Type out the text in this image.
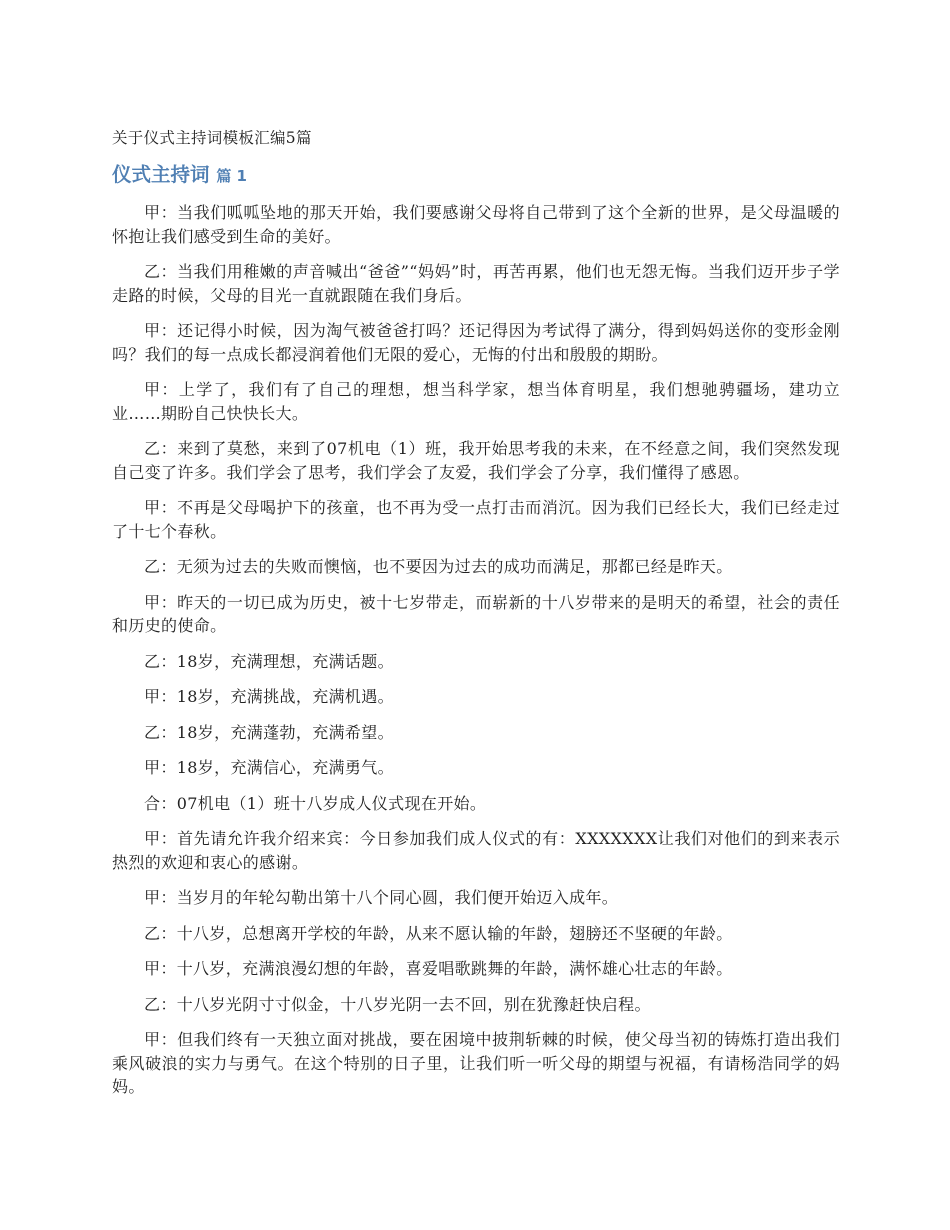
关于仪式主持词模板汇编5篇
仪式主持词 篇 1

甲：当我们呱呱坠地的那天开始，我们要感谢父母将自己带到了这个全新的世界，是父母温暖的怀抱让我们感受到生命的美好。

乙：当我们用稚嫩的声音喊出“爸爸”“妈妈”时，再苦再累，他们也无怨无悔。当我们迈开步子学走路的时候，父母的目光一直就跟随在我们身后。

甲：还记得小时候，因为淘气被爸爸打吗？还记得因为考试得了满分，得到妈妈送你的变形金刚吗？我们的每一点成长都浸润着他们无限的爱心，无悔的付出和殷殷的期盼。

甲：上学了，我们有了自己的理想，想当科学家，想当体育明星，我们想驰骋疆场，建功立业……期盼自己快快长大。

乙：来到了莫愁，来到了07机电（1）班，我开始思考我的未来，在不经意之间，我们突然发现自己变了许多。我们学会了思考，我们学会了友爱，我们学会了分享，我们懂得了感恩。

甲：不再是父母喝护下的孩童，也不再为受一点打击而消沉。因为我们已经长大，我们已经走过了十七个春秋。

乙：无须为过去的失败而懊恼，也不要因为过去的成功而满足，那都已经是昨天。

甲：昨天的一切已成为历史，被十七岁带走，而崭新的十八岁带来的是明天的希望，社会的责任和历史的使命。

乙：18岁，充满理想，充满话题。

甲：18岁，充满挑战，充满机遇。

乙：18岁，充满蓬勃，充满希望。

甲：18岁，充满信心，充满勇气。

合：07机电（1）班十八岁成人仪式现在开始。

甲：首先请允许我介绍来宾：今日参加我们成人仪式的有：XXXXXXX让我们对他们的到来表示热烈的欢迎和衷心的感谢。

甲：当岁月的年轮勾勒出第十八个同心圆，我们便开始迈入成年。

乙：十八岁，总想离开学校的年龄，从来不愿认输的年龄，翅膀还不坚硬的年龄。

甲：十八岁，充满浪漫幻想的年龄，喜爱唱歌跳舞的年龄，满怀雄心壮志的年龄。

乙：十八岁光阴寸寸似金，十八岁光阴一去不回，别在犹豫赶快启程。

甲：但我们终有一天独立面对挑战，要在困境中披荆斩棘的时候，使父母当初的铸炼打造出我们乘风破浪的实力与勇气。在这个特别的日子里，让我们听一听父母的期望与祝福，有请杨浩同学的妈妈。
